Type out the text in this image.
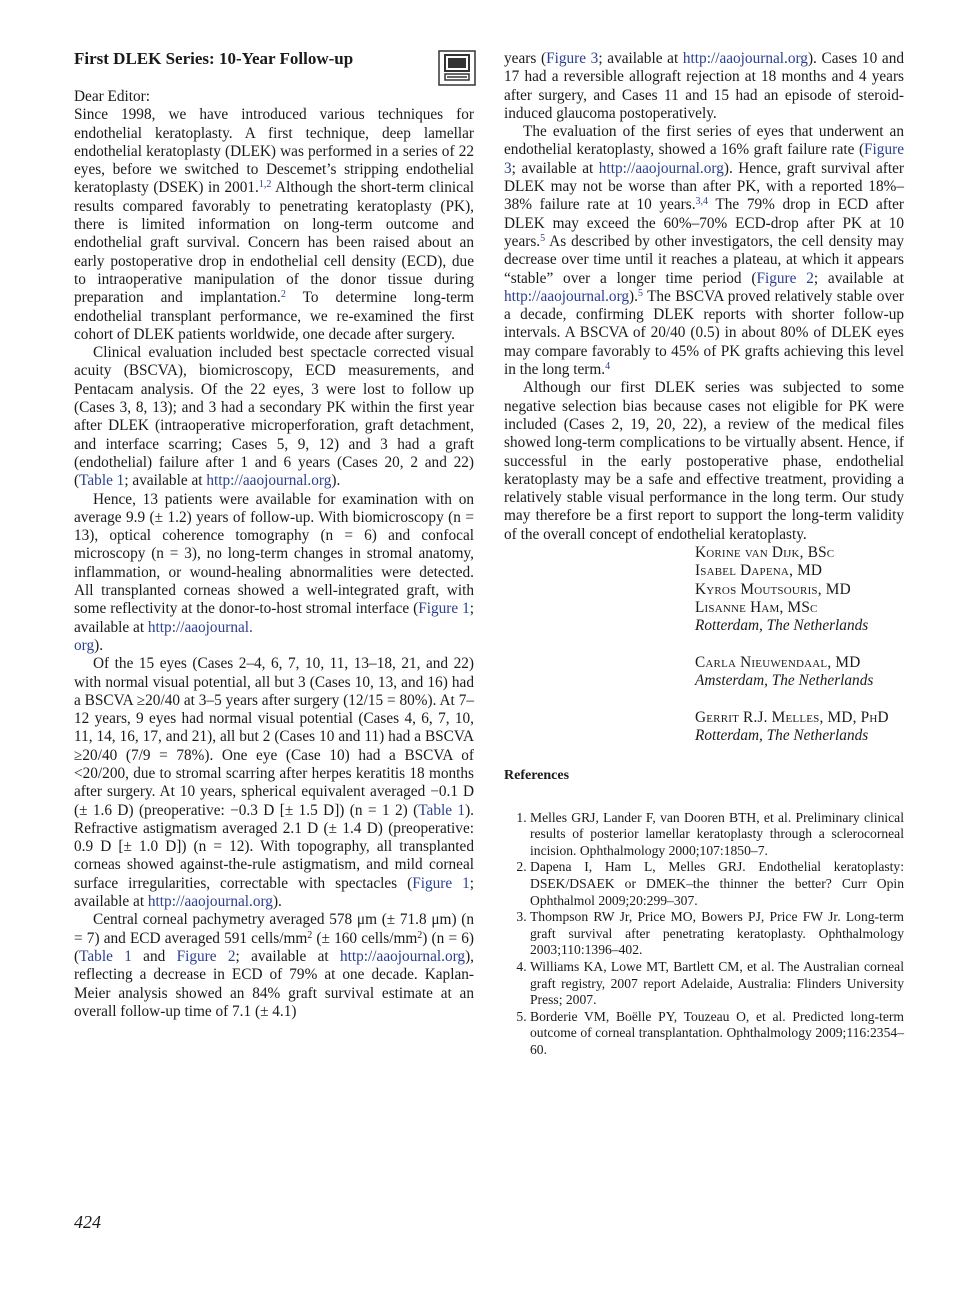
First DLEK Series: 10-Year Follow-up

Dear Editor:

Since 1998, we have introduced various techniques for endothelial keratoplasty. A first technique, deep lamellar endothelial keratoplasty (DLEK) was performed in a series of 22 eyes, before we switched to Descemet’s stripping endothelial keratoplasty (DSEK) in 2001.$^{1,2}$ Although the short-term clinical results compared favorably to penetrating keratoplasty (PK), there is limited information on long-term outcome and endothelial graft survival. Concern has been raised about an early postoperative drop in endothelial cell density (ECD), due to intraoperative manipulation of the donor tissue during preparation and implantation.$^2$ To determine long-term endothelial transplant performance, we re-examined the first cohort of DLEK patients worldwide, one decade after surgery.

Clinical evaluation included best spectacle corrected visual acuity (BSCVA), biomicroscopy, ECD measurements, and Pentacam analysis. Of the 22 eyes, 3 were lost to follow up (Cases 3, 8, 13); and 3 had a secondary PK within the first year after DLEK (intraoperative microperforation, graft detachment, and interface scarring; Cases 5, 9, 12) and 3 had a graft (endothelial) failure after 1 and 6 years (Cases 20, 2 and 22) (Table 1; available at http://aaojournal.org).

Hence, 13 patients were available for examination with on average 9.9 (± 1.2) years of follow-up. With biomicroscopy (n = 13), optical coherence tomography (n = 6) and confocal microscopy (n = 3), no long-term changes in stromal anatomy, inflammation, or wound-healing abnormalities were detected. All transplanted corneas showed a well-integrated graft, with some reflectivity at the donor-to-host stromal interface (Figure 1; available at http://aaojournal.
org).

Of the 15 eyes (Cases 2–4, 6, 7, 10, 11, 13–18, 21, and 22) with normal visual potential, all but 3 (Cases 10, 13, and 16) had a BSCVA ≥20/40 at 3–5 years after surgery (12/15 = 80%). At 7–12 years, 9 eyes had normal visual potential (Cases 4, 6, 7, 10, 11, 14, 16, 17, and 21), all but 2 (Cases 10 and 11) had a BSCVA ≥20/40 (7/9 = 78%). One eye (Case 10) had a BSCVA of <20/200, due to stromal scarring after herpes keratitis 18 months after surgery. At 10 years, spherical equivalent averaged −0.1 D (± 1.6 D) (preoperative: −0.3 D [± 1.5 D]) (n = 1 2) (Table 1). Refractive astigmatism averaged 2.1 D (± 1.4 D) (preoperative: 0.9 D [± 1.0 D]) (n = 12). With topography, all transplanted corneas showed against-the-rule astigmatism, and mild corneal surface irregularities, correctable with spectacles (Figure 1; available at http://aaojournal.org).

Central corneal pachymetry averaged 578 μm (± 71.8 μm) (n = 7) and ECD averaged 591 cells/$mm^2$ (± 160 cells/$mm^2$) (n = 6) (Table 1 and Figure 2; available at http://aaojournal.org), reflecting a decrease in ECD of 79% at one decade. Kaplan-Meier analysis showed an 84% graft survival estimate at an overall follow-up time of 7.1 (± 4.1)

years (Figure 3; available at http://aaojournal.org). Cases 10 and 17 had a reversible allograft rejection at 18 months and 4 years after surgery, and Cases 11 and 15 had an episode of steroid-induced glaucoma postoperatively.

The evaluation of the first series of eyes that underwent an endothelial keratoplasty, showed a 16% graft failure rate (Figure 3; available at http://aaojournal.org). Hence, graft survival after DLEK may not be worse than after PK, with a reported 18%–38% failure rate at 10 years.$^{3,4}$ The 79% drop in ECD after DLEK may exceed the 60%–70% ECD-drop after PK at 10 years.$^5$ As described by other investigators, the cell density may decrease over time until it reaches a plateau, at which it appears “stable” over a longer time period (Figure 2; available at http://aaojournal.org).$^5$ The BSCVA proved relatively stable over a decade, confirming DLEK reports with shorter follow-up intervals. A BSCVA of 20/40 (0.5) in about 80% of DLEK eyes may compare favorably to 45% of PK grafts achieving this level in the long term.$^4$

Although our first DLEK series was subjected to some negative selection bias because cases not eligible for PK were included (Cases 2, 19, 20, 22), a review of the medical files showed long-term complications to be virtually absent. Hence, if successful in the early postoperative phase, endothelial keratoplasty may be a safe and effective treatment, providing a relatively stable visual performance in the long term. Our study may therefore be a first report to support the long-term validity of the overall concept of endothelial keratoplasty.

Korine van Dijk, BSc
Isabel Dapena, MD
Kyros Moutsouris, MD
Lisanne Ham, MSc
Rotterdam, The Netherlands
Carla Nieuwendaal, MD
Amsterdam, The Netherlands
Gerrit R.J. Melles, MD, PhD
Rotterdam, The Netherlands
References
1. Melles GRJ, Lander F, van Dooren BTH, et al. Preliminary clinical results of posterior lamellar keratoplasty through a sclerocorneal incision. Ophthalmology 2000;107:1850–7.
2. Dapena I, Ham L, Melles GRJ. Endothelial keratoplasty: DSEK/DSAEK or DMEK–the thinner the better? Curr Opin Ophthalmol 2009;20:299–307.
3. Thompson RW Jr, Price MO, Bowers PJ, Price FW Jr. Long-term graft survival after penetrating keratoplasty. Ophthalmology 2003;110:1396–402.
4. Williams KA, Lowe MT, Bartlett CM, et al. The Australian corneal graft registry, 2007 report Adelaide, Australia: Flinders University Press; 2007.
5. Borderie VM, Boëlle PY, Touzeau O, et al. Predicted long-term outcome of corneal transplantation. Ophthalmology 2009;116:2354–60.
424
